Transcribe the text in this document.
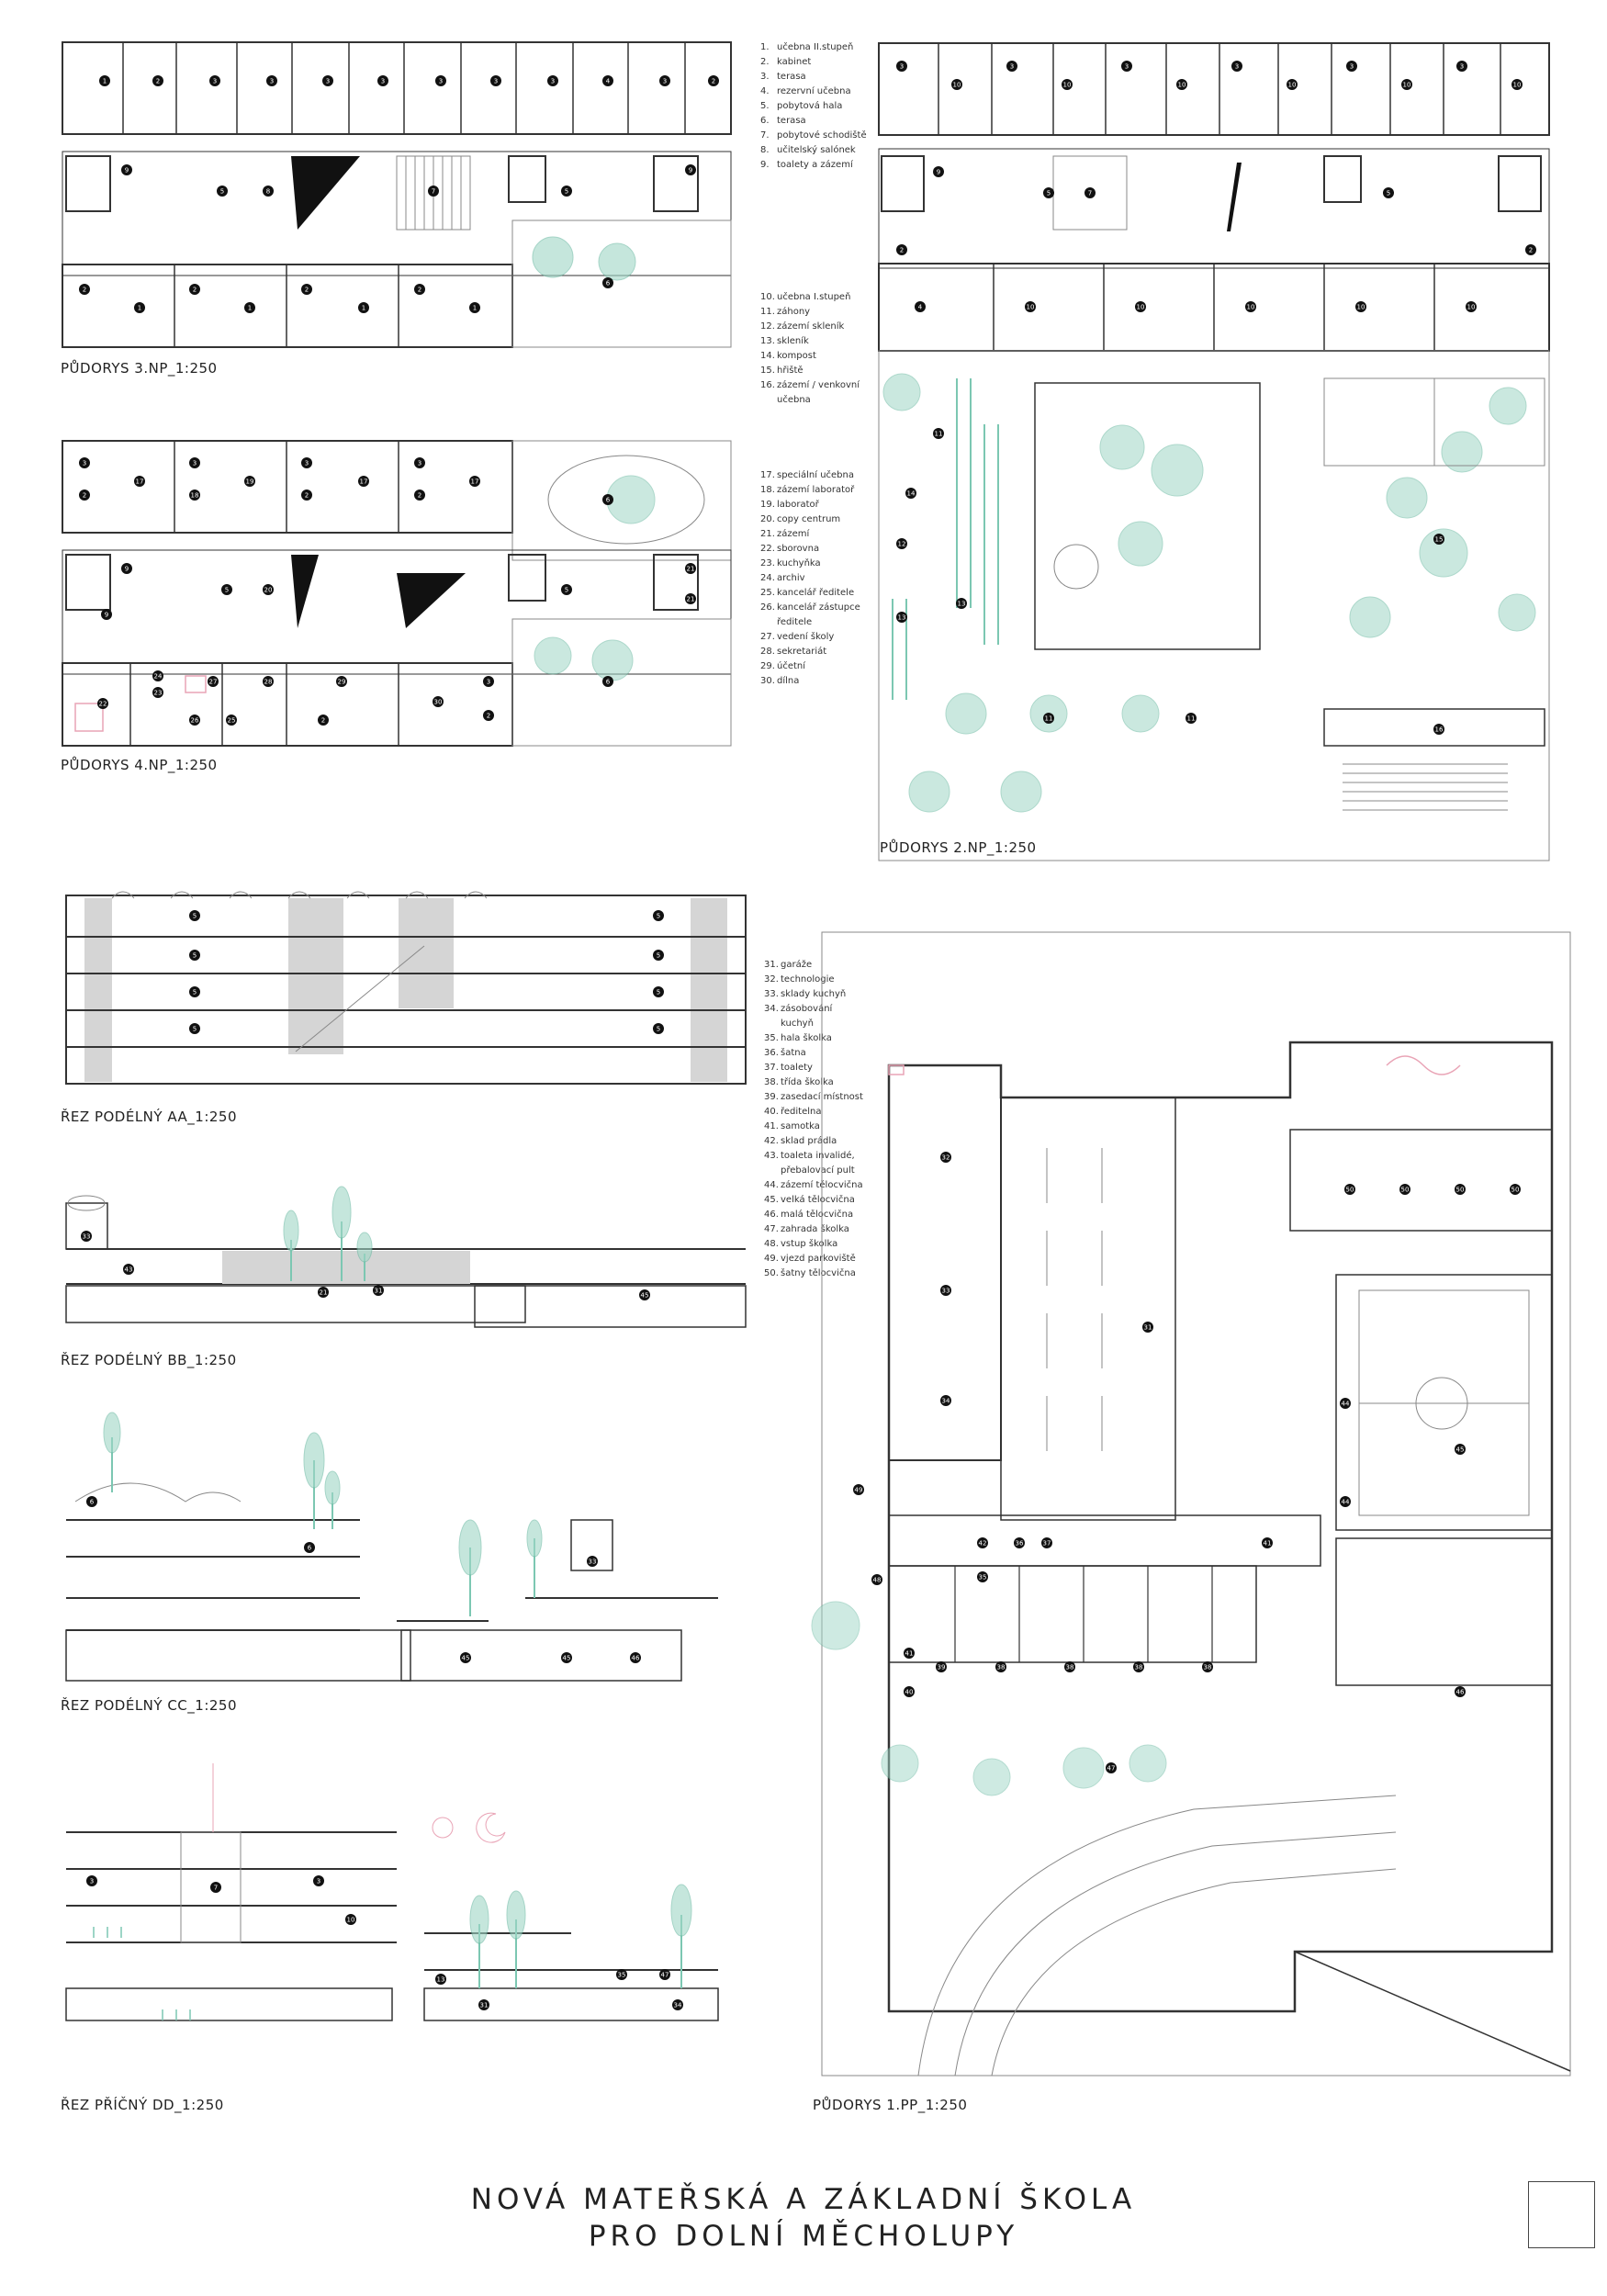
1	2	3	3	3	3	3	3	3	4	3	2
9
5	8	7	5
9
6
2
1
2
1
2
1
2
1
PŮDORYS 3.NP_1:250
1. učebna II.stupeň
2. kabinet
3. terasa
4. rezervní učebna
5. pobytová hala
6. terasa
7. pobytové schodiště
8. učitelský salónek
9. toalety a zázemí
10. učebna I.stupeň
11. záhony
12. zázemí skleník
13. skleník
14. kompost
15. hřiště
16. zázemí / venkovní učebna
3
10
3
10
3
10
3
10
3
10
3
10
9
5	7	5
2	2
4	10	10	10	10	10
11
14
12
13
13
11	11
15
16
PŮDORYS 2.NP_1:250
3
17
3
19
3
17
3
17
18
2	2	2
6
9
5	20	5
21
21
9
24
27
23
22
26	25
28	29
2
30
3
2
6
PŮDORYS 4.NP_1:250
17. speciální učebna
18. zázemí laboratoř
19. laboratoř
20. copy centrum
21. zázemí
22. sborovna
23. kuchyňka
24. archiv
25. kancelář ředitele
26. kancelář zástupce ředitele
27. vedení školy
28. sekretariát
29. účetní
30. dílna
5
5
5
5
5
5
5
5
ŘEZ PODÉLNÝ AA_1:250
31. garáže
32. technologie
33. sklady kuchyň
34. zásobování kuchyň
35. hala školka
36. šatna
37. toalety
38. třída školka
39. zasedací místnost
40. ředitelna
41. samotka
42. sklad prádla
43. toaleta invalidé, přebalovací pult
44. zázemí tělocvična
45. velká tělocvična
46. malá tělocvična
47. zahrada školka
48. vstup školka
49. vjezd parkoviště
50. šatny tělocvična
33
43
31
21	45
ŘEZ PODÉLNÝ BB_1:250
6
6
45	45	46
33
ŘEZ PODÉLNÝ CC_1:250
3
7
3
10
13
31
35	47
34
ŘEZ PŘÍČNÝ DD_1:250
32
33
34
31
50	50	50	50
44
44
45
46
49
48
42	36	37
35
41
41
40
39	38	38	38	38
47
PŮDORYS 1.PP_1:250
NOVÁ MATEŘSKÁ A ZÁKLADNÍ ŠKOLA
PRO DOLNÍ MĚCHOLUPY
